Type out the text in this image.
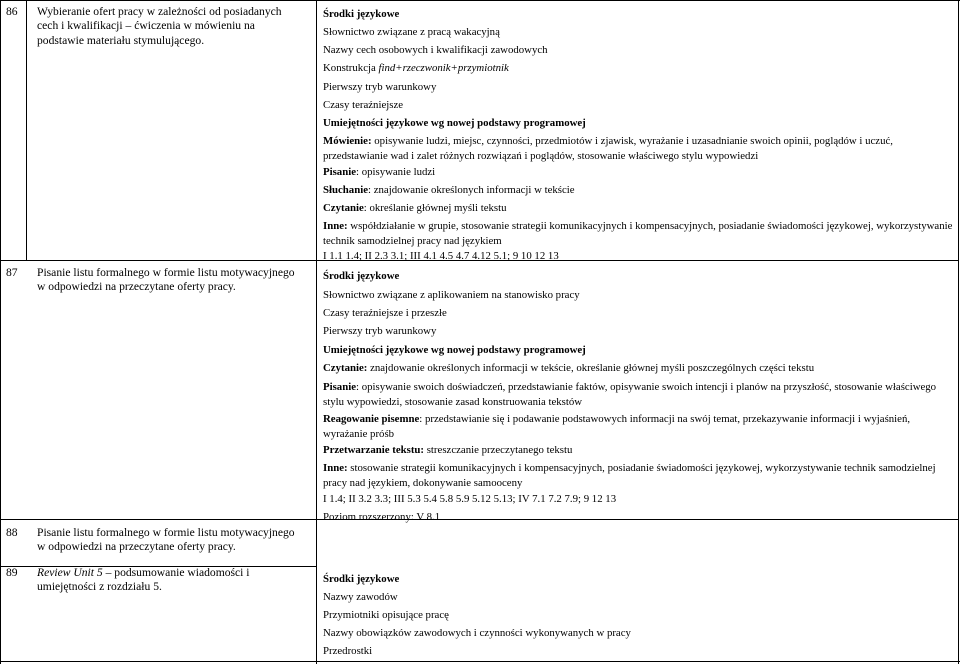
86 Wybieranie ofert pracy w zależności od posiadanych cech i kwalifikacji – ćwiczenia w mówieniu na podstawie materiału stymulującego.
87 Pisanie listu formalnego w formie listu motywacyjnego w odpowiedzi na przeczytane oferty pracy.
88 Pisanie listu formalnego w formie listu motywacyjnego w odpowiedzi na przeczytane oferty pracy.
89 Review Unit 5 – podsumowanie wiadomości i umiejętności z rozdziału 5.
Środki językowe
Słownictwo związane z pracą wakacyjną
Nazwy cech osobowych i kwalifikacji zawodowych
Konstrukcja find+rzeczwonik+przymiotnik
Pierwszy tryb warunkowy
Czasy teraźniejsze
Umiejętności językowe wg nowej podstawy programowej
Mówienie: opisywanie ludzi, miejsc, czynności, przedmiotów i zjawisk, wyrażanie i uzasadnianie swoich opinii, poglądów i uczuć, przedstawianie wad i zalet różnych rozwiązań i poglądów, stosowanie właściwego stylu wypowiedzi
Pisanie: opisywanie ludzi
Słuchanie: znajdowanie określonych informacji w tekście
Czytanie: określanie głównej myśli tekstu
Inne: współdziałanie w grupie, stosowanie strategii komunikacyjnych i kompensacyjnych, posiadanie świadomości językowej, wykorzystywanie technik samodzielnej pracy nad językiem
I 1.1 1.4; II 2.3 3.1; III 4.1 4.5 4.7 4.12 5.1; 9 10 12 13
Środki językowe
Słownictwo związane z aplikowaniem na stanowisko pracy
Czasy teraźniejsze i przeszłe
Pierwszy tryb warunkowy
Umiejętności językowe wg nowej podstawy programowej
Czytanie: znajdowanie określonych informacji w tekście, określanie głównej myśli poszczególnych części tekstu
Pisanie: opisywanie swoich doświadczeń, przedstawianie faktów, opisywanie swoich intencji i planów na przyszłość, stosowanie właściwego stylu wypowiedzi, stosowanie zasad konstruowania tekstów
Reagowanie pisemne: przedstawianie się i podawanie podstawowych informacji na swój temat, przekazywanie informacji i wyjaśnień, wyrażanie próśb
Przetwarzanie tekstu: streszczanie przeczytanego tekstu
Inne: stosowanie strategii komunikacyjnych i kompensacyjnych, posiadanie świadomości językowej, wykorzystywanie technik samodzielnej pracy nad językiem, dokonywanie samooceny
I 1.4; II 3.2 3.3; III 5.3 5.4 5.8 5.9 5.12 5.13; IV 7.1 7.2 7.9; 9 12 13
Poziom rozszerzony: V 8.1
Środki językowe
Nazwy zawodów
Przymiotniki opisujące pracę
Nazwy obowiązków zawodowych i czynności wykonywanych w pracy
Przedrostki
